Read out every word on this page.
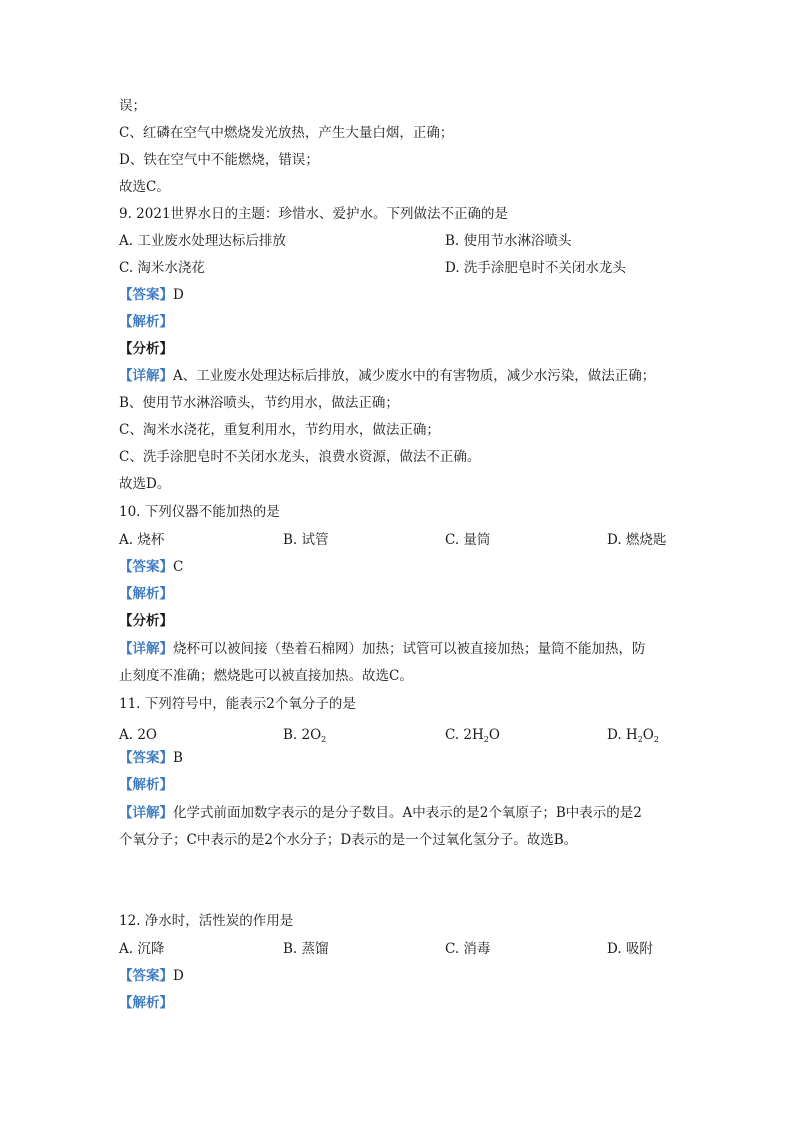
误；
C、红磷在空气中燃烧发光放热，产生大量白烟，正确；
D、铁在空气中不能燃烧，错误；
故选C。
9. 2021世界水日的主题：珍惜水、爱护水。下列做法不正确的是
A. 工业废水处理达标后排放	B. 使用节水淋浴喷头
C. 淘米水浇花	D. 洗手涂肥皂时不关闭水龙头
【答案】D
【解析】
【分析】
【详解】A、工业废水处理达标后排放，减少废水中的有害物质，减少水污染，做法正确；
B、使用节水淋浴喷头，节约用水，做法正确；
C、淘米水浇花，重复利用水，节约用水，做法正确；
C、洗手涂肥皂时不关闭水龙头，浪费水资源，做法不正确。
故选D。
10. 下列仪器不能加热的是
A. 烧杯	B. 试管	C. 量筒	D. 燃烧匙
【答案】C
【解析】
【分析】
【详解】烧杯可以被间接（垫着石棉网）加热；试管可以被直接加热；量筒不能加热，防
止刻度不准确；燃烧匙可以被直接加热。故选C。
11. 下列符号中，能表示2个氧分子的是
A. 2O	B. $2O_2$	C. $2H_2O$	D. $H_2O_2$
【答案】B
【解析】
【详解】化学式前面加数字表示的是分子数目。A中表示的是2个氧原子；B中表示的是2
个氧分子；C中表示的是2个水分子；D表示的是一个过氧化氢分子。故选B。
12. 净水时，活性炭的作用是
A. 沉降	B. 蒸馏	C. 消毒	D. 吸附
【答案】D
【解析】
